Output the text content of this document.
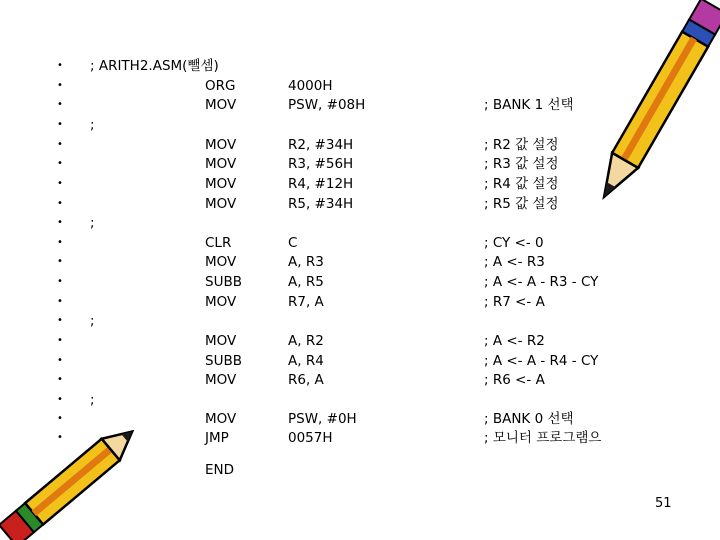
• ; ARITH2.ASM(뺄셈)
•	ORG	4000H
•	MOV	PSW, #08H	; BANK 1 선택
• ;
•	MOV	R2, #34H	; R2 값 설정
•	MOV	R3, #56H	; R3 값 설정
•	MOV	R4, #12H	; R4 값 설정
•	MOV	R5, #34H	; R5 값 설정
• ;
•	CLR	C	; CY <- 0
•	MOV	A, R3	; A <- R3
•	SUBB	A, R5	; A <- A - R3 - CY
•	MOV	R7, A	; R7 <- A
• ;
•	MOV	A, R2	; A <- R2
•	SUBB	A, R4	; A <- A - R4 - CY
•	MOV	R6, A	; R6 <- A
• ;
•	MOV	PSW, #0H	; BANK 0 선택
•	JMP	0057H	; 모니터 프로그램으
END
51
